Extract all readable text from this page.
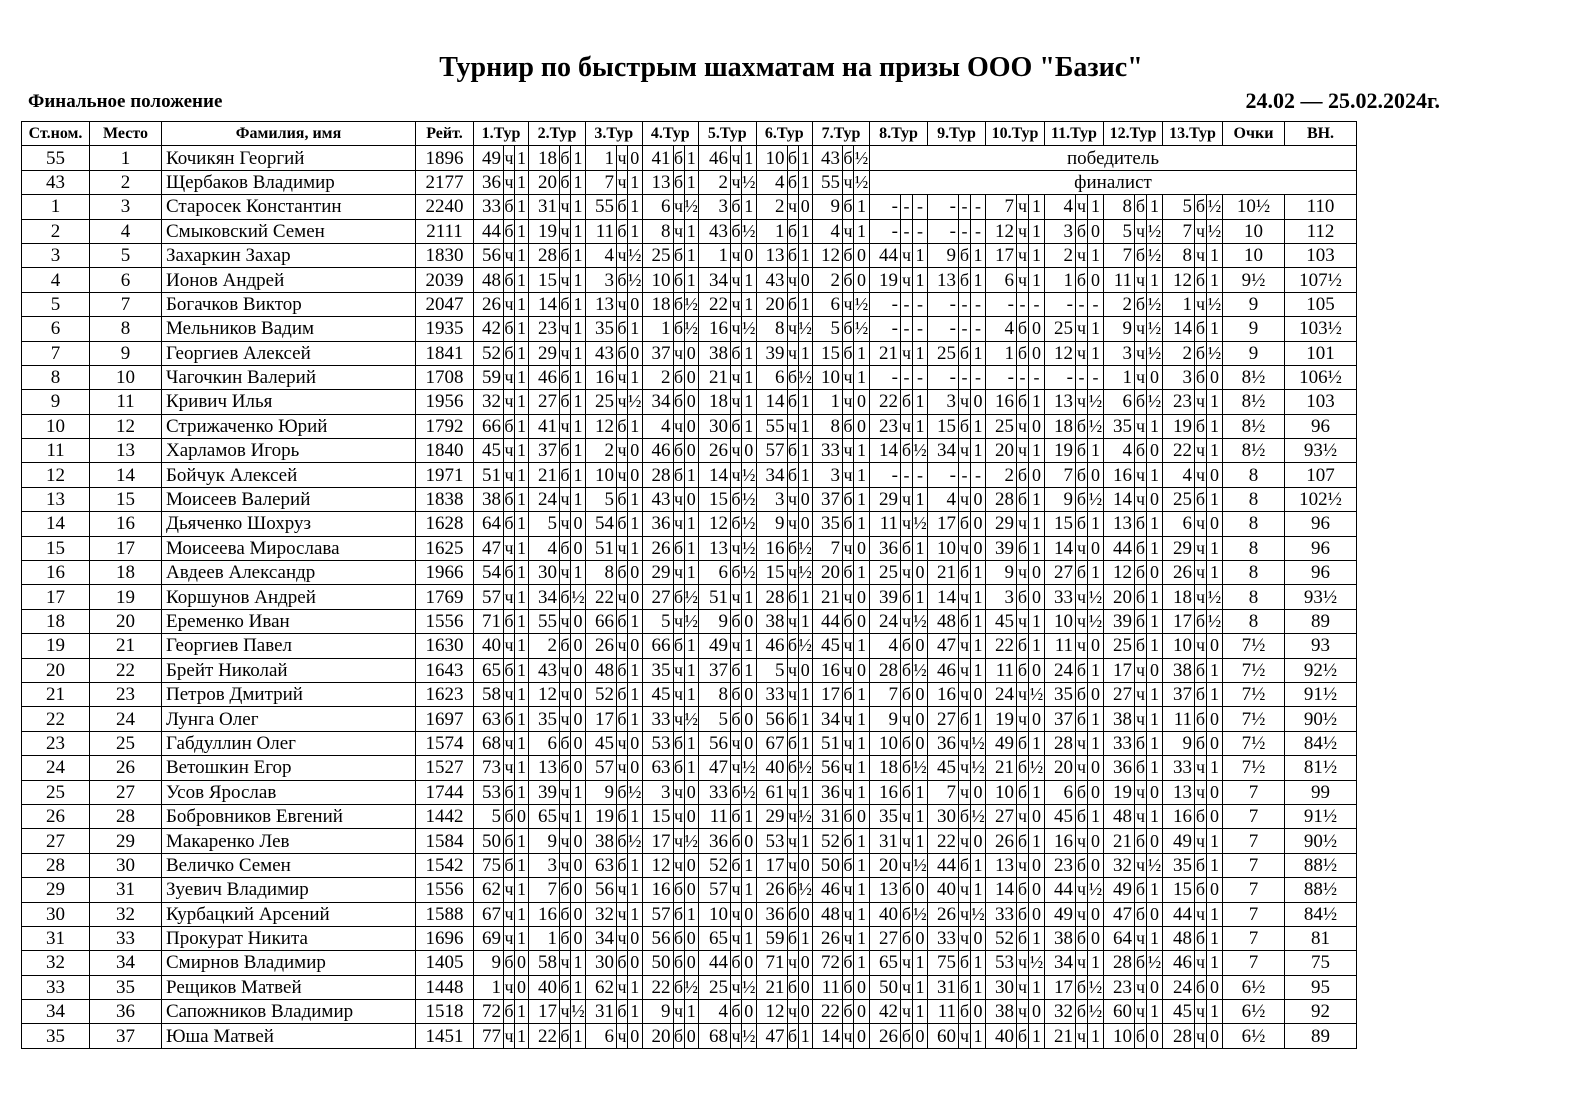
Турнир по быстрым шахматам на призы ООО "Базис"
Финальное положение	24.02 — 25.02.2024г.
Ст.ном.	Место	Фамилия, имя	Рейт.	1.Тур			2.Тур			3.Тур			4.Тур			5.Тур			6.Тур			7.Тур			8.Тур			9.Тур			10.Тур			11.Тур			12.Тур			13.Тур			Очки	ВН.
55	1	Кочикян Георгий	1896	49	ч	1	18	б	1	1	ч	0	41	б	1	46	ч	1	10	б	1	43	б	½	победитель																			
43	2	Щербаков Владимир	2177	36	ч	1	20	б	1	7	ч	1	13	б	1	2	ч	½	4	б	1	55	ч	½	финалист																			
1	3	Старосек Константин	2240	33	б	1	31	ч	1	55	б	1	6	ч	½	3	б	1	2	ч	0	9	б	1	-	-	-	-	-	-	7	ч	1	4	ч	1	8	б	1	5	б	½	10½	110
2	4	Смыковский Семен	2111	44	б	1	19	ч	1	11	б	1	8	ч	1	43	б	½	1	б	1	4	ч	1	-	-	-	-	-	-	12	ч	1	3	б	0	5	ч	½	7	ч	½	10	112
3	5	Захаркин Захар	1830	56	ч	1	28	б	1	4	ч	½	25	б	1	1	ч	0	13	б	1	12	б	0	44	ч	1	9	б	1	17	ч	1	2	ч	1	7	б	½	8	ч	1	10	103
4	6	Ионов Андрей	2039	48	б	1	15	ч	1	3	б	½	10	б	1	34	ч	1	43	ч	0	2	б	0	19	ч	1	13	б	1	6	ч	1	1	б	0	11	ч	1	12	б	1	9½	107½
5	7	Богачков Виктор	2047	26	ч	1	14	б	1	13	ч	0	18	б	½	22	ч	1	20	б	1	6	ч	½	-	-	-	-	-	-	-	-	-	-	-	-	2	б	½	1	ч	½	9	105
6	8	Мельников Вадим	1935	42	б	1	23	ч	1	35	б	1	1	б	½	16	ч	½	8	ч	½	5	б	½	-	-	-	-	-	-	4	б	0	25	ч	1	9	ч	½	14	б	1	9	103½
7	9	Георгиев Алексей	1841	52	б	1	29	ч	1	43	б	0	37	ч	0	38	б	1	39	ч	1	15	б	1	21	ч	1	25	б	1	1	б	0	12	ч	1	3	ч	½	2	б	½	9	101
8	10	Чагочкин Валерий	1708	59	ч	1	46	б	1	16	ч	1	2	б	0	21	ч	1	6	б	½	10	ч	1	-	-	-	-	-	-	-	-	-	-	-	-	1	ч	0	3	б	0	8½	106½
9	11	Кривич Илья	1956	32	ч	1	27	б	1	25	ч	½	34	б	0	18	ч	1	14	б	1	1	ч	0	22	б	1	3	ч	0	16	б	1	13	ч	½	6	б	½	23	ч	1	8½	103
10	12	Стрижаченко Юрий	1792	66	б	1	41	ч	1	12	б	1	4	ч	0	30	б	1	55	ч	1	8	б	0	23	ч	1	15	б	1	25	ч	0	18	б	½	35	ч	1	19	б	1	8½	96
11	13	Харламов Игорь	1840	45	ч	1	37	б	1	2	ч	0	46	б	0	26	ч	0	57	б	1	33	ч	1	14	б	½	34	ч	1	20	ч	1	19	б	1	4	б	0	22	ч	1	8½	93½
12	14	Бойчук Алексей	1971	51	ч	1	21	б	1	10	ч	0	28	б	1	14	ч	½	34	б	1	3	ч	1	-	-	-	-	-	-	2	б	0	7	б	0	16	ч	1	4	ч	0	8	107
13	15	Моисеев Валерий	1838	38	б	1	24	ч	1	5	б	1	43	ч	0	15	б	½	3	ч	0	37	б	1	29	ч	1	4	ч	0	28	б	1	9	б	½	14	ч	0	25	б	1	8	102½
14	16	Дьяченко Шохруз	1628	64	б	1	5	ч	0	54	б	1	36	ч	1	12	б	½	9	ч	0	35	б	1	11	ч	½	17	б	0	29	ч	1	15	б	1	13	б	1	6	ч	0	8	96
15	17	Моисеева Мирослава	1625	47	ч	1	4	б	0	51	ч	1	26	б	1	13	ч	½	16	б	½	7	ч	0	36	б	1	10	ч	0	39	б	1	14	ч	0	44	б	1	29	ч	1	8	96
16	18	Авдеев Александр	1966	54	б	1	30	ч	1	8	б	0	29	ч	1	6	б	½	15	ч	½	20	б	1	25	ч	0	21	б	1	9	ч	0	27	б	1	12	б	0	26	ч	1	8	96
17	19	Коршунов Андрей	1769	57	ч	1	34	б	½	22	ч	0	27	б	½	51	ч	1	28	б	1	21	ч	0	39	б	1	14	ч	1	3	б	0	33	ч	½	20	б	1	18	ч	½	8	93½
18	20	Еременко Иван	1556	71	б	1	55	ч	0	66	б	1	5	ч	½	9	б	0	38	ч	1	44	б	0	24	ч	½	48	б	1	45	ч	1	10	ч	½	39	б	1	17	б	½	8	89
19	21	Георгиев Павел	1630	40	ч	1	2	б	0	26	ч	0	66	б	1	49	ч	1	46	б	½	45	ч	1	4	б	0	47	ч	1	22	б	1	11	ч	0	25	б	1	10	ч	0	7½	93
20	22	Брейт Николай	1643	65	б	1	43	ч	0	48	б	1	35	ч	1	37	б	1	5	ч	0	16	ч	0	28	б	½	46	ч	1	11	б	0	24	б	1	17	ч	0	38	б	1	7½	92½
21	23	Петров Дмитрий	1623	58	ч	1	12	ч	0	52	б	1	45	ч	1	8	б	0	33	ч	1	17	б	1	7	б	0	16	ч	0	24	ч	½	35	б	0	27	ч	1	37	б	1	7½	91½
22	24	Лунга Олег	1697	63	б	1	35	ч	0	17	б	1	33	ч	½	5	б	0	56	б	1	34	ч	1	9	ч	0	27	б	1	19	ч	0	37	б	1	38	ч	1	11	б	0	7½	90½
23	25	Габдуллин Олег	1574	68	ч	1	6	б	0	45	ч	0	53	б	1	56	ч	0	67	б	1	51	ч	1	10	б	0	36	ч	½	49	б	1	28	ч	1	33	б	1	9	б	0	7½	84½
24	26	Ветошкин Егор	1527	73	ч	1	13	б	0	57	ч	0	63	б	1	47	ч	½	40	б	½	56	ч	1	18	б	½	45	ч	½	21	б	½	20	ч	0	36	б	1	33	ч	1	7½	81½
25	27	Усов Ярослав	1744	53	б	1	39	ч	1	9	б	½	3	ч	0	33	б	½	61	ч	1	36	ч	1	16	б	1	7	ч	0	10	б	1	6	б	0	19	ч	0	13	ч	0	7	99
26	28	Бобровников Евгений	1442	5	б	0	65	ч	1	19	б	1	15	ч	0	11	б	1	29	ч	½	31	б	0	35	ч	1	30	б	½	27	ч	0	45	б	1	48	ч	1	16	б	0	7	91½
27	29	Макаренко Лев	1584	50	б	1	9	ч	0	38	б	½	17	ч	½	36	б	0	53	ч	1	52	б	1	31	ч	1	22	ч	0	26	б	1	16	ч	0	21	б	0	49	ч	1	7	90½
28	30	Величко Семен	1542	75	б	1	3	ч	0	63	б	1	12	ч	0	52	б	1	17	ч	0	50	б	1	20	ч	½	44	б	1	13	ч	0	23	б	0	32	ч	½	35	б	1	7	88½
29	31	Зуевич Владимир	1556	62	ч	1	7	б	0	56	ч	1	16	б	0	57	ч	1	26	б	½	46	ч	1	13	б	0	40	ч	1	14	б	0	44	ч	½	49	б	1	15	б	0	7	88½
30	32	Курбацкий Арсений	1588	67	ч	1	16	б	0	32	ч	1	57	б	1	10	ч	0	36	б	0	48	ч	1	40	б	½	26	ч	½	33	б	0	49	ч	0	47	б	0	44	ч	1	7	84½
31	33	Прокурат Никита	1696	69	ч	1	1	б	0	34	ч	0	56	б	0	65	ч	1	59	б	1	26	ч	1	27	б	0	33	ч	0	52	б	1	38	б	0	64	ч	1	48	б	1	7	81
32	34	Смирнов Владимир	1405	9	б	0	58	ч	1	30	б	0	50	б	0	44	б	0	71	ч	0	72	б	1	65	ч	1	75	б	1	53	ч	½	34	ч	1	28	б	½	46	ч	1	7	75
33	35	Рещиков Матвей	1448	1	ч	0	40	б	1	62	ч	1	22	б	½	25	ч	½	21	б	0	11	б	0	50	ч	1	31	б	1	30	ч	1	17	б	½	23	ч	0	24	б	0	6½	95
34	36	Сапожников Владимир	1518	72	б	1	17	ч	½	31	б	1	9	ч	1	4	б	0	12	ч	0	22	б	0	42	ч	1	11	б	0	38	ч	0	32	б	½	60	ч	1	45	ч	1	6½	92
35	37	Юша Матвей	1451	77	ч	1	22	б	1	6	ч	0	20	б	0	68	ч	½	47	б	1	14	ч	0	26	б	0	60	ч	1	40	б	1	21	ч	1	10	б	0	28	ч	0	6½	89
